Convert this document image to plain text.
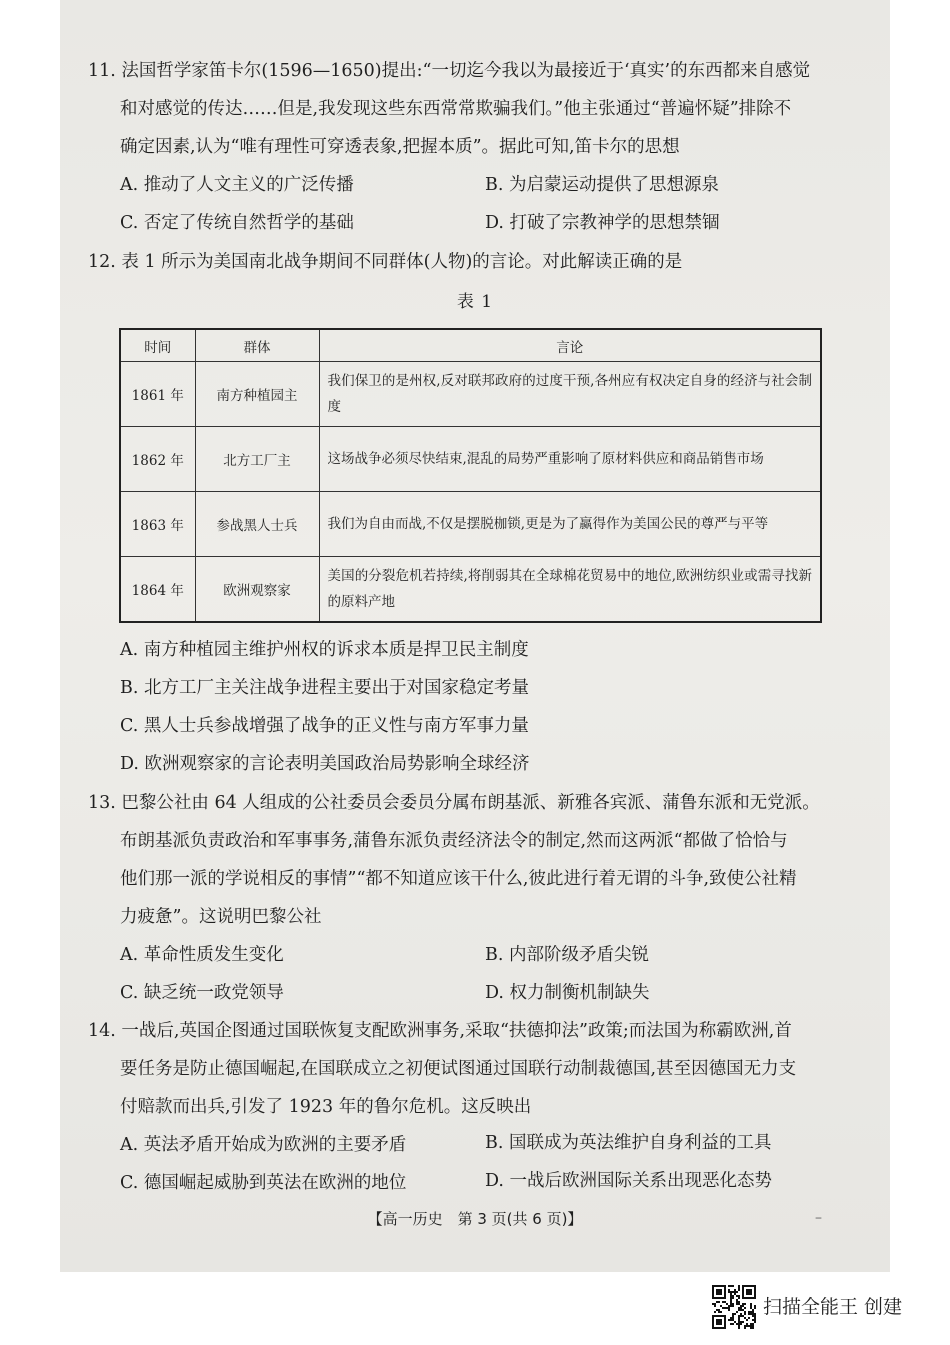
11. 法国哲学家笛卡尔(1596—1650)提出:“一切迄今我以为最接近于‘真实’的东西都来自感觉
和对感觉的传达……但是,我发现这些东西常常欺骗我们。”他主张通过“普遍怀疑”排除不
确定因素,认为“唯有理性可穿透表象,把握本质”。据此可知,笛卡尔的思想
A. 推动了人文主义的广泛传播	B. 为启蒙运动提供了思想源泉
C. 否定了传统自然哲学的基础	D. 打破了宗教神学的思想禁锢
12. 表 1 所示为美国南北战争期间不同群体(人物)的言论。对此解读正确的是
表 1
时间	群体	言论
1861 年	南方种植园主	我们保卫的是州权,反对联邦政府的过度干预,各州应有权决定自身的经济与社会制度
1862 年	北方工厂主	这场战争必须尽快结束,混乱的局势严重影响了原材料供应和商品销售市场
1863 年	参战黑人士兵	我们为自由而战,不仅是摆脱枷锁,更是为了赢得作为美国公民的尊严与平等
1864 年	欧洲观察家	美国的分裂危机若持续,将削弱其在全球棉花贸易中的地位,欧洲纺织业或需寻找新的原料产地
A. 南方种植园主维护州权的诉求本质是捍卫民主制度
B. 北方工厂主关注战争进程主要出于对国家稳定考量
C. 黑人士兵参战增强了战争的正义性与南方军事力量
D. 欧洲观察家的言论表明美国政治局势影响全球经济
13. 巴黎公社由 64 人组成的公社委员会委员分属布朗基派、新雅各宾派、蒲鲁东派和无党派。
布朗基派负责政治和军事事务,蒲鲁东派负责经济法令的制定,然而这两派“都做了恰恰与
他们那一派的学说相反的事情”“都不知道应该干什么,彼此进行着无谓的斗争,致使公社精
力疲惫”。这说明巴黎公社
A. 革命性质发生变化	B. 内部阶级矛盾尖锐
C. 缺乏统一政党领导	D. 权力制衡机制缺失
14. 一战后,英国企图通过国联恢复支配欧洲事务,采取“扶德抑法”政策;而法国为称霸欧洲,首
要任务是防止德国崛起,在国联成立之初便试图通过国联行动制裁德国,甚至因德国无力支
付赔款而出兵,引发了 1923 年的鲁尔危机。这反映出
A. 英法矛盾开始成为欧洲的主要矛盾	B. 国联成为英法维护自身利益的工具
C. 德国崛起威胁到英法在欧洲的地位	D. 一战后欧洲国际关系出现恶化态势
【高一历史　第 3 页(共 6 页)】	–
扫描全能王 创建
